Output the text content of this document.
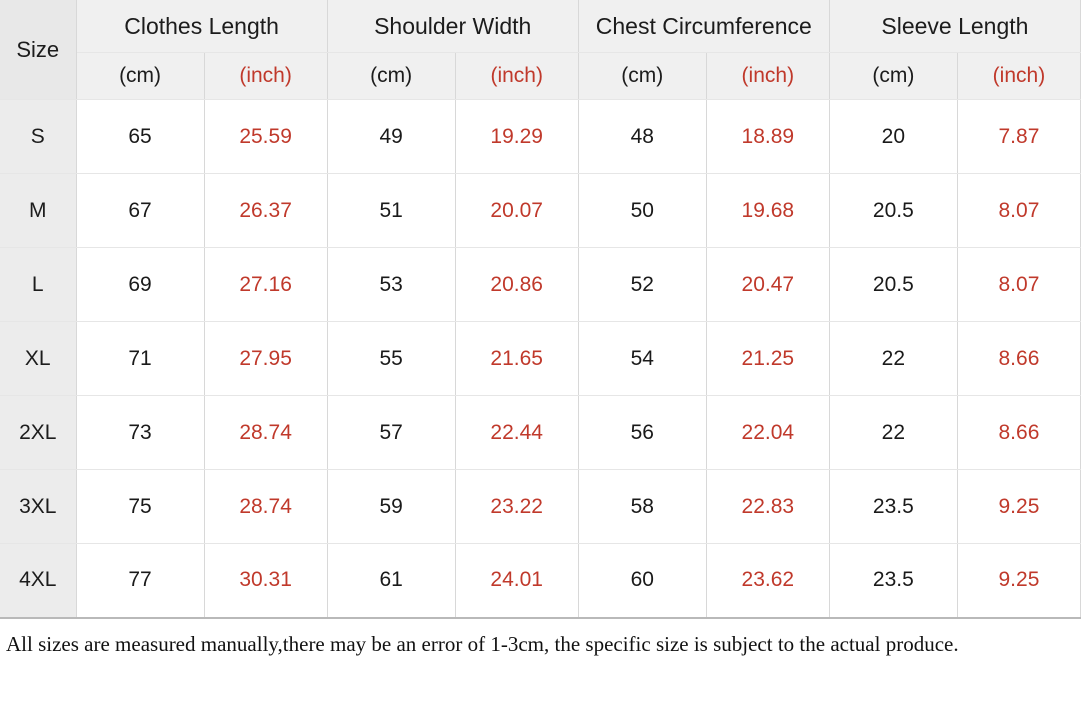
Size	Clothes Length		Shoulder Width		Chest Circumference		Sleeve Length	
	(cm)	(inch)	(cm)	(inch)	(cm)	(inch)	(cm)	(inch)
S	65	25.59	49	19.29	48	18.89	20	7.87
M	67	26.37	51	20.07	50	19.68	20.5	8.07
L	69	27.16	53	20.86	52	20.47	20.5	8.07
XL	71	27.95	55	21.65	54	21.25	22	8.66
2XL	73	28.74	57	22.44	56	22.04	22	8.66
3XL	75	28.74	59	23.22	58	22.83	23.5	9.25
4XL	77	30.31	61	24.01	60	23.62	23.5	9.25
All sizes are measured manually,there may be an error of 1-3cm, the specific size is subject to the actual produce.
